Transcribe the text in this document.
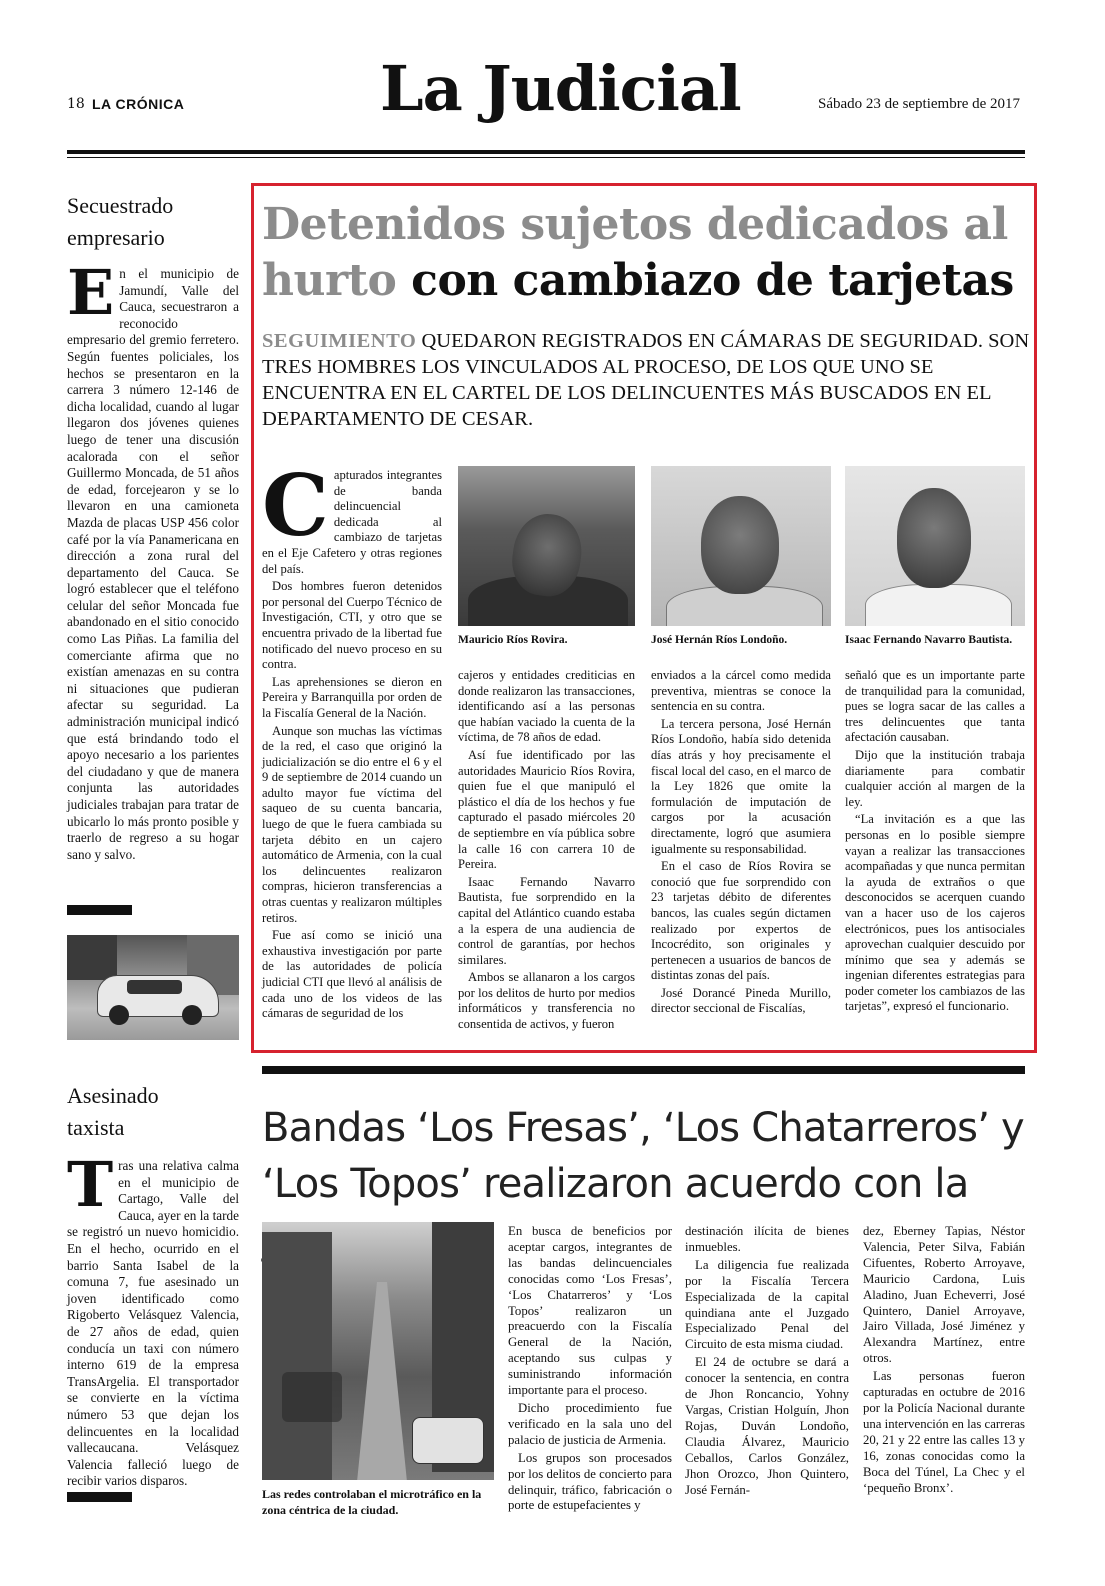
18 LA CRÓNICA	La Judicial	Sábado 23 de septiembre de 2017
Secuestrado
empresario
E n el municipio de Jamundí, Valle del Cauca, secuestraron a reconocido empresario del gremio ferretero. Según fuentes policiales, los hechos se presentaron en la carrera 3 número 12-146 de dicha localidad, cuando al lugar llegaron dos jóvenes quienes luego de tener una discusión acalorada con el señor Guillermo Moncada, de 51 años de edad, forcejearon y se lo llevaron en una camioneta Mazda de placas USP 456 color café por la vía Panamericana en dirección a zona rural del departamento del Cauca. Se logró establecer que el teléfono celular del señor Moncada fue abandonado en el sitio conocido como Las Piñas. La familia del comerciante afirma que no existían amenazas en su contra ni situaciones que pudieran afectar su seguridad. La administración municipal indicó que está brindando todo el apoyo necesario a los parientes del ciudadano y que de manera conjunta las autoridades judiciales trabajan para tratar de ubicarlo lo más pronto posible y traerlo de regreso a su hogar sano y salvo.

Asesinado
taxista
T ras una relativa calma en el municipio de Cartago, Valle del Cauca, ayer en la tarde se registró un nuevo homicidio. En el hecho, ocurrido en el barrio Santa Isabel de la comuna 7, fue asesinado un joven identificado como Rigoberto Velásquez Valencia, de 27 años de edad, quien conducía un taxi con número interno 619 de la empresa TransArgelia. El transportador se convierte en la víctima número 53 que dejan los delincuentes en la localidad vallecaucana. Velásquez Valencia falleció luego de recibir varios disparos.

Detenidos sujetos dedicados al hurto con cambiazo de tarjetas
SEGUIMIENTO QUEDARON REGISTRADOS EN CÁMARAS DE SEGURIDAD. SON TRES HOMBRES LOS VINCULADOS AL PROCESO, DE LOS QUE UNO SE ENCUENTRA EN EL CARTEL DE LOS DELINCUENTES MÁS BUSCADOS EN EL DEPARTAMENTO DE CESAR.
C apturados integrantes de banda delincuencial dedicada al cambiazo de tarjetas en el Eje Cafetero y otras regiones del país.

Dos hombres fueron detenidos por personal del Cuerpo Técnico de Investigación, CTI, y otro que se encuentra privado de la libertad fue notificado del nuevo proceso en su contra.

Las aprehensiones se dieron en Pereira y Barranquilla por orden de la Fiscalía General de la Nación.

Aunque son muchas las víctimas de la red, el caso que originó la judicialización se dio entre el 6 y el 9 de septiembre de 2014 cuando un adulto mayor fue víctima del saqueo de su cuenta bancaria, luego de que le fuera cambiada su tarjeta débito en un cajero automático de Armenia, con la cual los delincuentes realizaron compras, hicieron transferencias a otras cuentas y realizaron múltiples retiros.

Fue así como se inició una exhaustiva investigación por parte de las autoridades de policía judicial CTI que llevó al análisis de cada uno de los videos de las cámaras de seguridad de los

Mauricio Ríos Rovira.	José Hernán Ríos Londoño.	Isaac Fernando Navarro Bautista.

cajeros y entidades crediticias en donde realizaron las transacciones, identificando así a las personas que habían vaciado la cuenta de la víctima, de 78 años de edad.

Así fue identificado por las autoridades Mauricio Ríos Rovira, quien fue el que manipuló el plástico el día de los hechos y fue capturado el pasado miércoles 20 de septiembre en vía pública sobre la calle 16 con carrera 10 de Pereira.

Isaac Fernando Navarro Bautista, fue sorprendido en la capital del Atlántico cuando estaba a la espera de una audiencia de control de garantías, por hechos similares.

Ambos se allanaron a los cargos por los delitos de hurto por medios informáticos y transferencia no consentida de activos, y fueron

enviados a la cárcel como medida preventiva, mientras se conoce la sentencia en su contra.

La tercera persona, José Hernán Ríos Londoño, había sido detenida días atrás y hoy precisamente el fiscal local del caso, en el marco de la Ley 1826 que omite la formulación de imputación de cargos por la acusación directamente, logró que asumiera igualmente su responsabilidad.

En el caso de Ríos Rovira se conoció que fue sorprendido con 23 tarjetas débito de diferentes bancos, las cuales según dictamen realizado por expertos de Incocrédito, son originales y pertenecen a usuarios de bancos de distintas zonas del país.

José Dorancé Pineda Murillo, director seccional de Fiscalías,

señaló que es un importante parte de tranquilidad para la comunidad, pues se logra sacar de las calles a tres delincuentes que tanta afectación causaban.

Dijo que la institución trabaja diariamente para combatir cualquier acción al margen de la ley.

“La invitación es a que las personas en lo posible siempre vayan a realizar las transacciones acompañadas y que nunca permitan la ayuda de extraños o que desconocidos se acerquen cuando van a hacer uso de los cajeros electrónicos, pues los antisociales aprovechan cualquier descuido por mínimo que sea y además se ingenian diferentes estrategias para poder cometer los cambiazos de las tarjetas”, expresó el funcionario.

Bandas ‘Los Fresas’, ‘Los Chatarreros’ y ‘Los Topos’ realizaron acuerdo con la
Las redes controlaban el microtráfico en la zona céntrica de la ciudad.

En busca de beneficios por aceptar cargos, integrantes de las bandas delincuenciales conocidas como ‘Los Fresas’, ‘Los Chatarreros’ y ‘Los Topos’ realizaron un preacuerdo con la Fiscalía General de la Nación, aceptando sus culpas y suministrando información importante para el proceso.

Dicho procedimiento fue verificado en la sala uno del palacio de justicia de Armenia.

Los grupos son procesados por los delitos de concierto para delinquir, tráfico, fabricación o porte de estupefacientes y

destinación ilícita de bienes inmuebles.

La diligencia fue realizada por la Fiscalía Tercera Especializada de la capital quindiana ante el Juzgado Especializado Penal del Circuito de esta misma ciudad.

El 24 de octubre se dará a conocer la sentencia, en contra de Jhon Roncancio, Yohny Vargas, Cristian Holguín, Jhon Rojas, Duván Londoño, Claudia Álvarez, Mauricio Ceballos, Carlos González, Jhon Orozco, Jhon Quintero, José Fernán-

dez, Eberney Tapias, Néstor Valencia, Peter Silva, Fabián Cifuentes, Roberto Arroyave, Mauricio Cardona, Luis Aladino, Juan Echeverri, José Quintero, Daniel Arroyave, Jairo Villada, José Jiménez y Alexandra Martínez, entre otros.

Las personas fueron capturadas en octubre de 2016 por la Policía Nacional durante una intervención en las carreras 20, 21 y 22 entre las calles 13 y 16, zonas conocidas como la Boca del Túnel, La Chec y el ‘pequeño Bronx’.
